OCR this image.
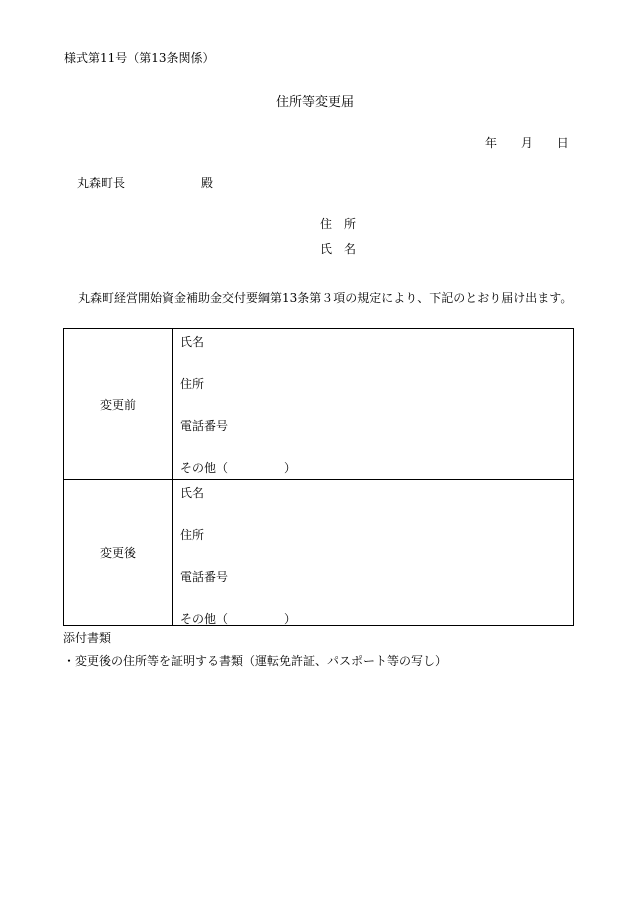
様式第11号（第13条関係）
住所等変更届
年 月 日
丸森町長	殿
住　所
氏　名
丸森町経営開始資金補助金交付要綱第13条第３項の規定により、下記のとおり届け出ます。
変更前
氏名
住所
電話番号
その他（	）
変更後
氏名
住所
電話番号
その他（	）
添付書類
・変更後の住所等を証明する書類（運転免許証、パスポート等の写し）
